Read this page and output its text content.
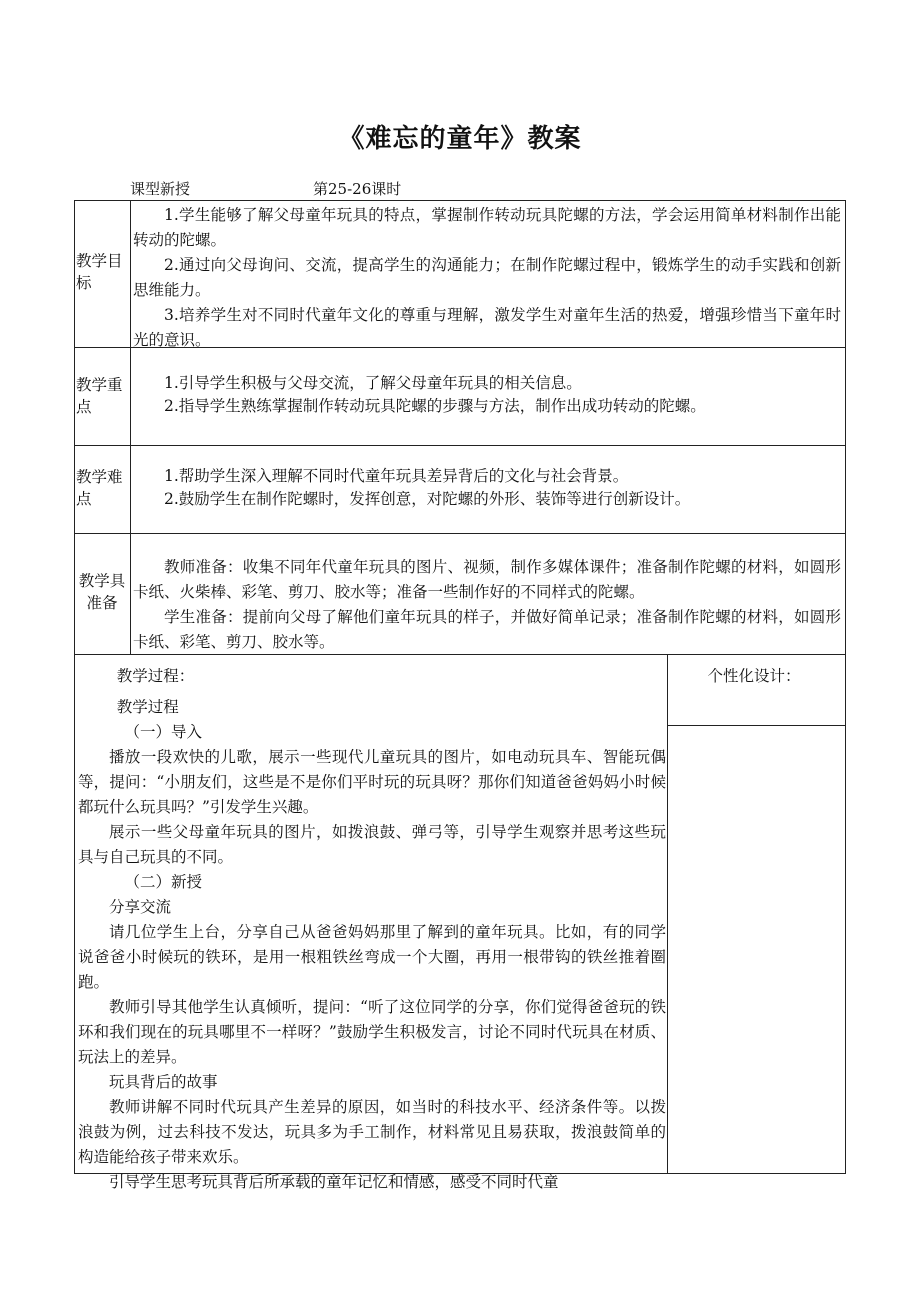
《难忘的童年》教案
课型新授	第25-26课时
教学目标

1.学生能够了解父母童年玩具的特点，掌握制作转动玩具陀螺的方法，学会运用简单材料制作出能转动的陀螺。

2.通过向父母询问、交流，提高学生的沟通能力；在制作陀螺过程中，锻炼学生的动手实践和创新思维能力。

3.培养学生对不同时代童年文化的尊重与理解，激发学生对童年生活的热爱，增强珍惜当下童年时光的意识。

教学重点

1.引导学生积极与父母交流，了解父母童年玩具的相关信息。

2.指导学生熟练掌握制作转动玩具陀螺的步骤与方法，制作出成功转动的陀螺。

教学难点

1.帮助学生深入理解不同时代童年玩具差异背后的文化与社会背景。

2.鼓励学生在制作陀螺时，发挥创意，对陀螺的外形、装饰等进行创新设计。

教学具准备

教师准备：收集不同年代童年玩具的图片、视频，制作多媒体课件；准备制作陀螺的材料，如圆形卡纸、火柴棒、彩笔、剪刀、胶水等；准备一些制作好的不同样式的陀螺。

学生准备：提前向父母了解他们童年玩具的样子，并做好简单记录；准备制作陀螺的材料，如圆形卡纸、彩笔、剪刀、胶水等。

教学过程：

教学过程

（一）导入

播放一段欢快的儿歌，展示一些现代儿童玩具的图片，如电动玩具车、智能玩偶等，提问：“小朋友们，这些是不是你们平时玩的玩具呀？那你们知道爸爸妈妈小时候都玩什么玩具吗？”引发学生兴趣。

展示一些父母童年玩具的图片，如拨浪鼓、弹弓等，引导学生观察并思考这些玩具与自己玩具的不同。

（二）新授

分享交流

请几位学生上台，分享自己从爸爸妈妈那里了解到的童年玩具。比如，有的同学说爸爸小时候玩的铁环，是用一根粗铁丝弯成一个大圈，再用一根带钩的铁丝推着圈跑。

教师引导其他学生认真倾听，提问：“听了这位同学的分享，你们觉得爸爸玩的铁环和我们现在的玩具哪里不一样呀？”鼓励学生积极发言，讨论不同时代玩具在材质、玩法上的差异。

玩具背后的故事

教师讲解不同时代玩具产生差异的原因，如当时的科技水平、经济条件等。以拨浪鼓为例，过去科技不发达，玩具多为手工制作，材料常见且易获取，拨浪鼓简单的构造能给孩子带来欢乐。

引导学生思考玩具背后所承载的童年记忆和情感，感受不同时代童

个性化设计：
